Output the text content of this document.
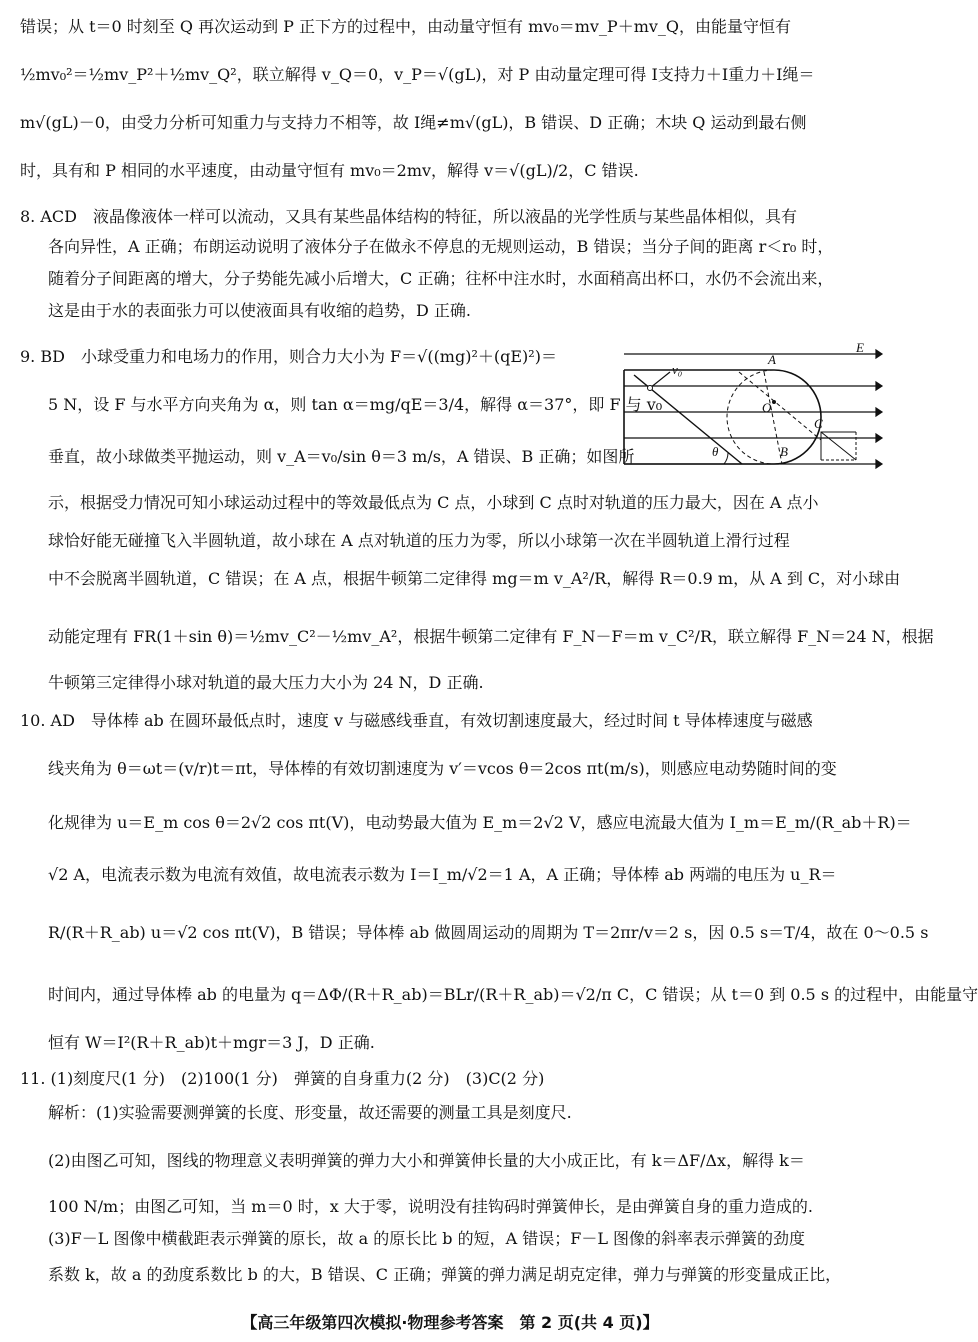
错误；从 t＝0 时刻至 Q 再次运动到 P 正下方的过程中，由动量守恒有 mv₀＝mv_P＋mv_Q，由能量守恒有
½mv₀²＝½mv_P²＋½mv_Q²，联立解得 v_Q＝0，v_P＝√(gL)，对 P 由动量定理可得 I支持力＋I重力＋I绳＝
m√(gL)－0，由受力分析可知重力与支持力不相等，故 I绳≠m√(gL)，B 错误、D 正确；木块 Q 运动到最右侧
时，具有和 P 相同的水平速度，由动量守恒有 mv₀＝2mv，解得 v＝√(gL)/2，C 错误.
8. ACD　液晶像液体一样可以流动，又具有某些晶体结构的特征，所以液晶的光学性质与某些晶体相似，具有
各向异性，A 正确；布朗运动说明了液体分子在做永不停息的无规则运动，B 错误；当分子间的距离 r＜r₀ 时，
随着分子间距离的增大，分子势能先减小后增大，C 正确；往杯中注水时，水面稍高出杯口，水仍不会流出来，
这是由于水的表面张力可以使液面具有收缩的趋势，D 正确.
9. BD　小球受重力和电场力的作用，则合力大小为 F＝√((mg)²＋(qE)²)＝
5 N，设 F 与水平方向夹角为 α，则 tan α＝mg/qE＝3/4，解得 α＝37°，即 F 与 v₀
垂直，故小球做类平抛运动，则 v_A＝v₀/sin θ＝3 m/s，A 错误、B 正确；如图所
示，根据受力情况可知小球运动过程中的等效最低点为 C 点，小球到 C 点时对轨道的压力最大，因在 A 点小
球恰好能无碰撞飞入半圆轨道，故小球在 A 点对轨道的压力为零，所以小球第一次在半圆轨道上滑行过程
中不会脱离半圆轨道，C 错误；在 A 点，根据牛顿第二定律得 mg＝m v_A²/R，解得 R＝0.9 m，从 A 到 C，对小球由
动能定理有 FR(1＋sin θ)＝½mv_C²－½mv_A²，根据牛顿第二定律有 F_N－F＝m v_C²/R，联立解得 F_N＝24 N，根据
牛顿第三定律得小球对轨道的最大压力大小为 24 N，D 正确.
10. AD　导体棒 ab 在圆环最低点时，速度 v 与磁感线垂直，有效切割速度最大，经过时间 t 导体棒速度与磁感
线夹角为 θ＝ωt＝(v/r)t＝πt，导体棒的有效切割速度为 v′＝vcos θ＝2cos πt(m/s)，则感应电动势随时间的变
化规律为 u＝E_m cos θ＝2√2 cos πt(V)，电动势最大值为 E_m＝2√2 V，感应电流最大值为 I_m＝E_m/(R_ab＋R)＝
√2 A，电流表示数为电流有效值，故电流表示数为 I＝I_m/√2＝1 A，A 正确；导体棒 ab 两端的电压为 u_R＝
R/(R＋R_ab) u＝√2 cos πt(V)，B 错误；导体棒 ab 做圆周运动的周期为 T＝2πr/v＝2 s，因 0.5 s＝T/4，故在 0～0.5 s
时间内，通过导体棒 ab 的电量为 q＝ΔΦ/(R＋R_ab)＝BLr/(R＋R_ab)＝√2/π C，C 错误；从 t＝0 到 0.5 s 的过程中，由能量守
恒有 W＝I²(R＋R_ab)t＋mgr＝3 J，D 正确.
11. (1)刻度尺(1 分)　(2)100(1 分)　弹簧的自身重力(2 分)　(3)C(2 分)
解析：(1)实验需要测弹簧的长度、形变量，故还需要的测量工具是刻度尺.
(2)由图乙可知，图线的物理意义表明弹簧的弹力大小和弹簧伸长量的大小成正比，有 k＝ΔF/Δx，解得 k＝
100 N/m；由图乙可知，当 m＝0 时，x 大于零，说明没有挂钩码时弹簧伸长，是由弹簧自身的重力造成的.
(3)F－L 图像中横截距表示弹簧的原长，故 a 的原长比 b 的短，A 错误；F－L 图像的斜率表示弹簧的劲度
系数 k，故 a 的劲度系数比 b 的大，B 错误、C 正确；弹簧的弹力满足胡克定律，弹力与弹簧的形变量成正比，
E
A
O
B
C
v₀
θ
【高三年级第四次模拟·物理参考答案　第 2 页(共 4 页)】
